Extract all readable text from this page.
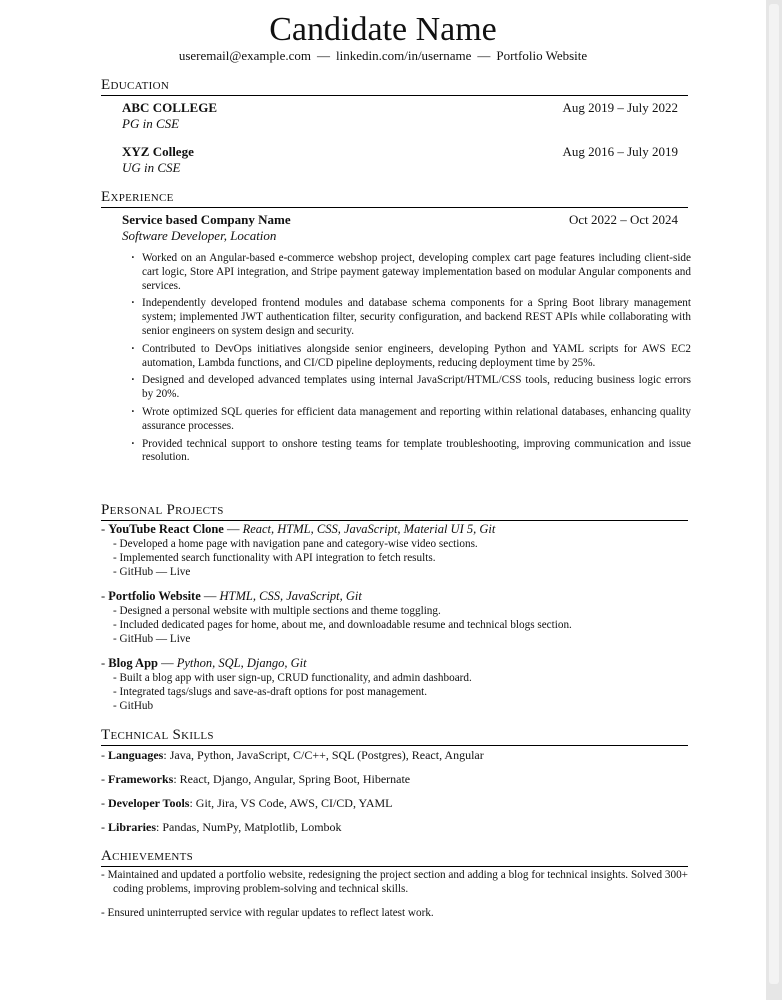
Candidate Name
useremail@example.com — linkedin.com/in/username — Portfolio Website
Education
ABC COLLEGE	Aug 2019 – July 2022
PG in CSE
XYZ College	Aug 2016 – July 2019
UG in CSE
Experience
Service based Company Name	Oct 2022 – Oct 2024
Software Developer, Location
· Worked on an Angular-based e-commerce webshop project, developing complex cart page features including client-side cart logic, Store API integration, and Stripe payment gateway implementation based on modular Angular components and services.
· Independently developed frontend modules and database schema components for a Spring Boot library management system; implemented JWT authentication filter, security configuration, and backend REST APIs while collaborating with senior engineers on system design and security.
· Contributed to DevOps initiatives alongside senior engineers, developing Python and YAML scripts for AWS EC2 automation, Lambda functions, and CI/CD pipeline deployments, reducing deployment time by 25%.
· Designed and developed advanced templates using internal JavaScript/HTML/CSS tools, reducing business logic errors by 20%.
· Wrote optimized SQL queries for efficient data management and reporting within relational databases, enhancing quality assurance processes.
· Provided technical support to onshore testing teams for template troubleshooting, improving communication and issue resolution.
Personal Projects
- YouTube React Clone — React, HTML, CSS, JavaScript, Material UI 5, Git
- Developed a home page with navigation pane and category-wise video sections.
- Implemented search functionality with API integration to fetch results.
- GitHub — Live
- Portfolio Website — HTML, CSS, JavaScript, Git
- Designed a personal website with multiple sections and theme toggling.
- Included dedicated pages for home, about me, and downloadable resume and technical blogs section.
- GitHub — Live
- Blog App — Python, SQL, Django, Git
- Built a blog app with user sign-up, CRUD functionality, and admin dashboard.
- Integrated tags/slugs and save-as-draft options for post management.
- GitHub
Technical Skills
- Languages: Java, Python, JavaScript, C/C++, SQL (Postgres), React, Angular
- Frameworks: React, Django, Angular, Spring Boot, Hibernate
- Developer Tools: Git, Jira, VS Code, AWS, CI/CD, YAML
- Libraries: Pandas, NumPy, Matplotlib, Lombok
Achievements
- Maintained and updated a portfolio website, redesigning the project section and adding a blog for technical insights. Solved 300+ coding problems, improving problem-solving and technical skills.
- Ensured uninterrupted service with regular updates to reflect latest work.
